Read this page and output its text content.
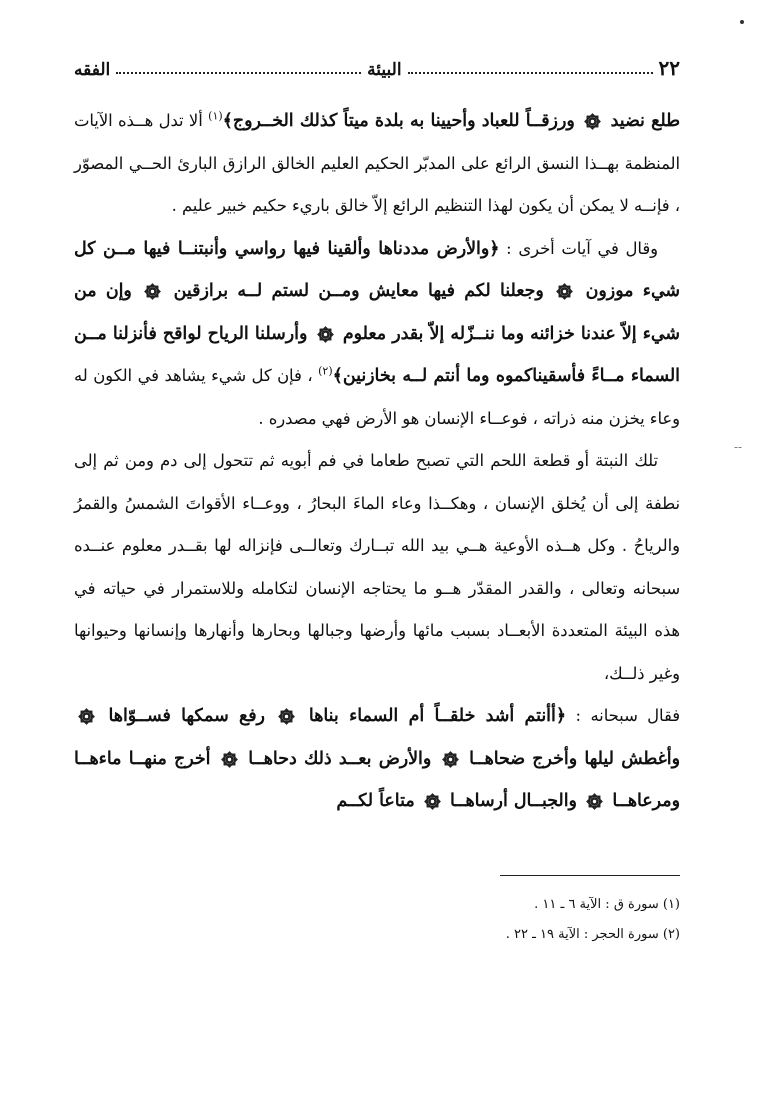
--
٢٢
البيئة
الفقه

طلع نضيد  ورزقــاً للعباد وأحيينا به بلدة ميتاً كذلك الخــروج﴾$^{(١)}$ ألا تدل هــذه الآيات المنظمة بهــذا النسق الرائع على المدبّر الحكيم العليم الخالق الرازق البارئ الحــي المصوّر ، فإنــه لا يمكن أن يكون لهذا التنظيم الرائع إلاّ خالق باريء حكيم خبير عليم .

وقال في آيات أخرى : ﴿والأرض مددناها وألقينا فيها رواسي وأنبتنــا فيها مــن كل شيء موزون  وجعلنا لكم فيها معايش ومــن لستم لــه برازقين  وإن من شيء إلاّ عندنا خزائنه وما ننــزّله إلاّ بقدر معلوم  وأرسلنا الرياح لواقح فأنزلنا مــن السماء مــاءً فأسقيناكموه وما أنتم لــه بخازنين﴾$^{(٢)}$ ، فإن كل شيء يشاهد في الكون له وعاء يخزن منه ذراته ، فوعــاء الإنسان هو الأرض فهي مصدره .

تلك النبتة أو قطعة اللحم التي تصبح طعاما في فم أبويه ثم تتحول إلى دم ومن ثم إلى نطفة إلى أن يُخلق الإنسان ، وهكــذا وعاء الماءَ البحارُ ، ووعــاء الأقواتَ الشمسُ والقمرُ والرياحُ . وكل هــذه الأوعية هــي بيد الله تبــارك وتعالــى فإنزاله لها بقــدر معلوم عنــده سبحانه وتعالى ، والقدر المقدّر هــو ما يحتاجه الإنسان لتكامله وللاستمرار في حياته في هذه البيئة المتعددة الأبعــاد بسبب مائها وأرضها وجبالها وبحارها وأنهارها وإنسانها وحيوانها وغير ذلــك،

فقال سبحانه : ﴿أأنتم أشد خلقــاً أم السماء بناها  رفع سمكها فســوّاها  وأغطش ليلها وأخرج ضحاهــا  والأرض بعــد ذلك دحاهــا  أخرج منهــا ماءهــا ومرعاهــا  والجبــال أرساهــا  متاعاً لكــم

(١) سورة ق : الآية ٦ ـ ١١ .
(٢) سورة الحجر : الآية ١٩ ـ ٢٢ .
